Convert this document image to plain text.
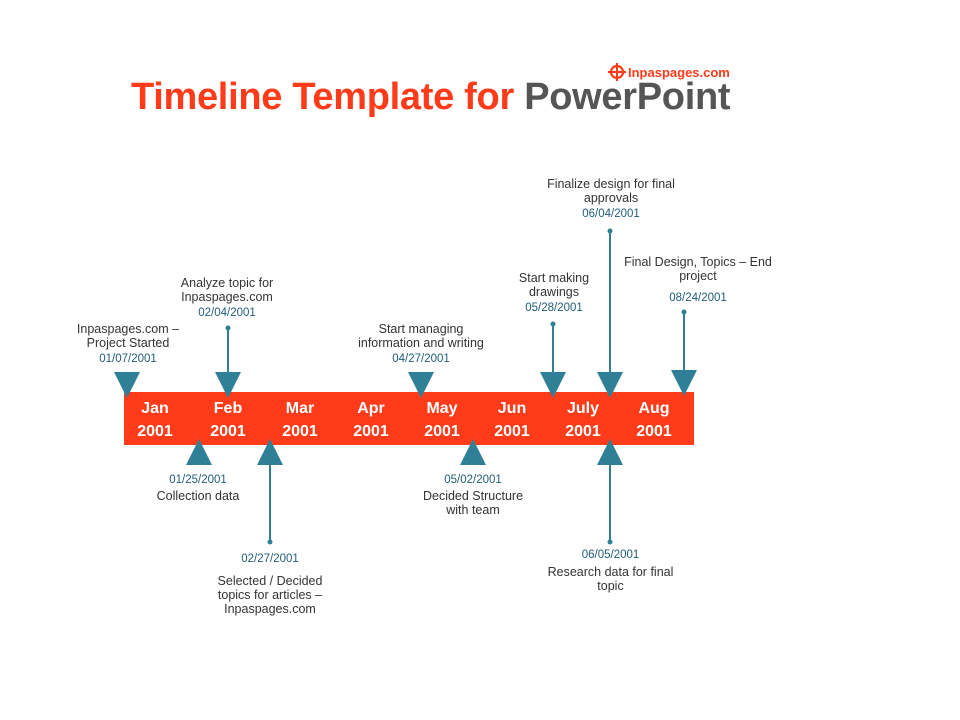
Inpaspages.com
Timeline Template for PowerPoint
Jan
2001
Feb
2001
Mar
2001
Apr
2001
May
2001
Jun
2001
July
2001
Aug
2001
Inpaspages.com – Project Started
01/07/2001
Analyze topic for Inpaspages.com
02/04/2001
Start managing information and writing
04/27/2001
Start making drawings
05/28/2001
Finalize design for final approvals
06/04/2001
Final Design, Topics – End project
08/24/2001
01/25/2001
Collection data
02/27/2001
Selected / Decided topics for articles – Inpaspages.com
05/02/2001
Decided Structure with team
06/05/2001
Research data for final topic
